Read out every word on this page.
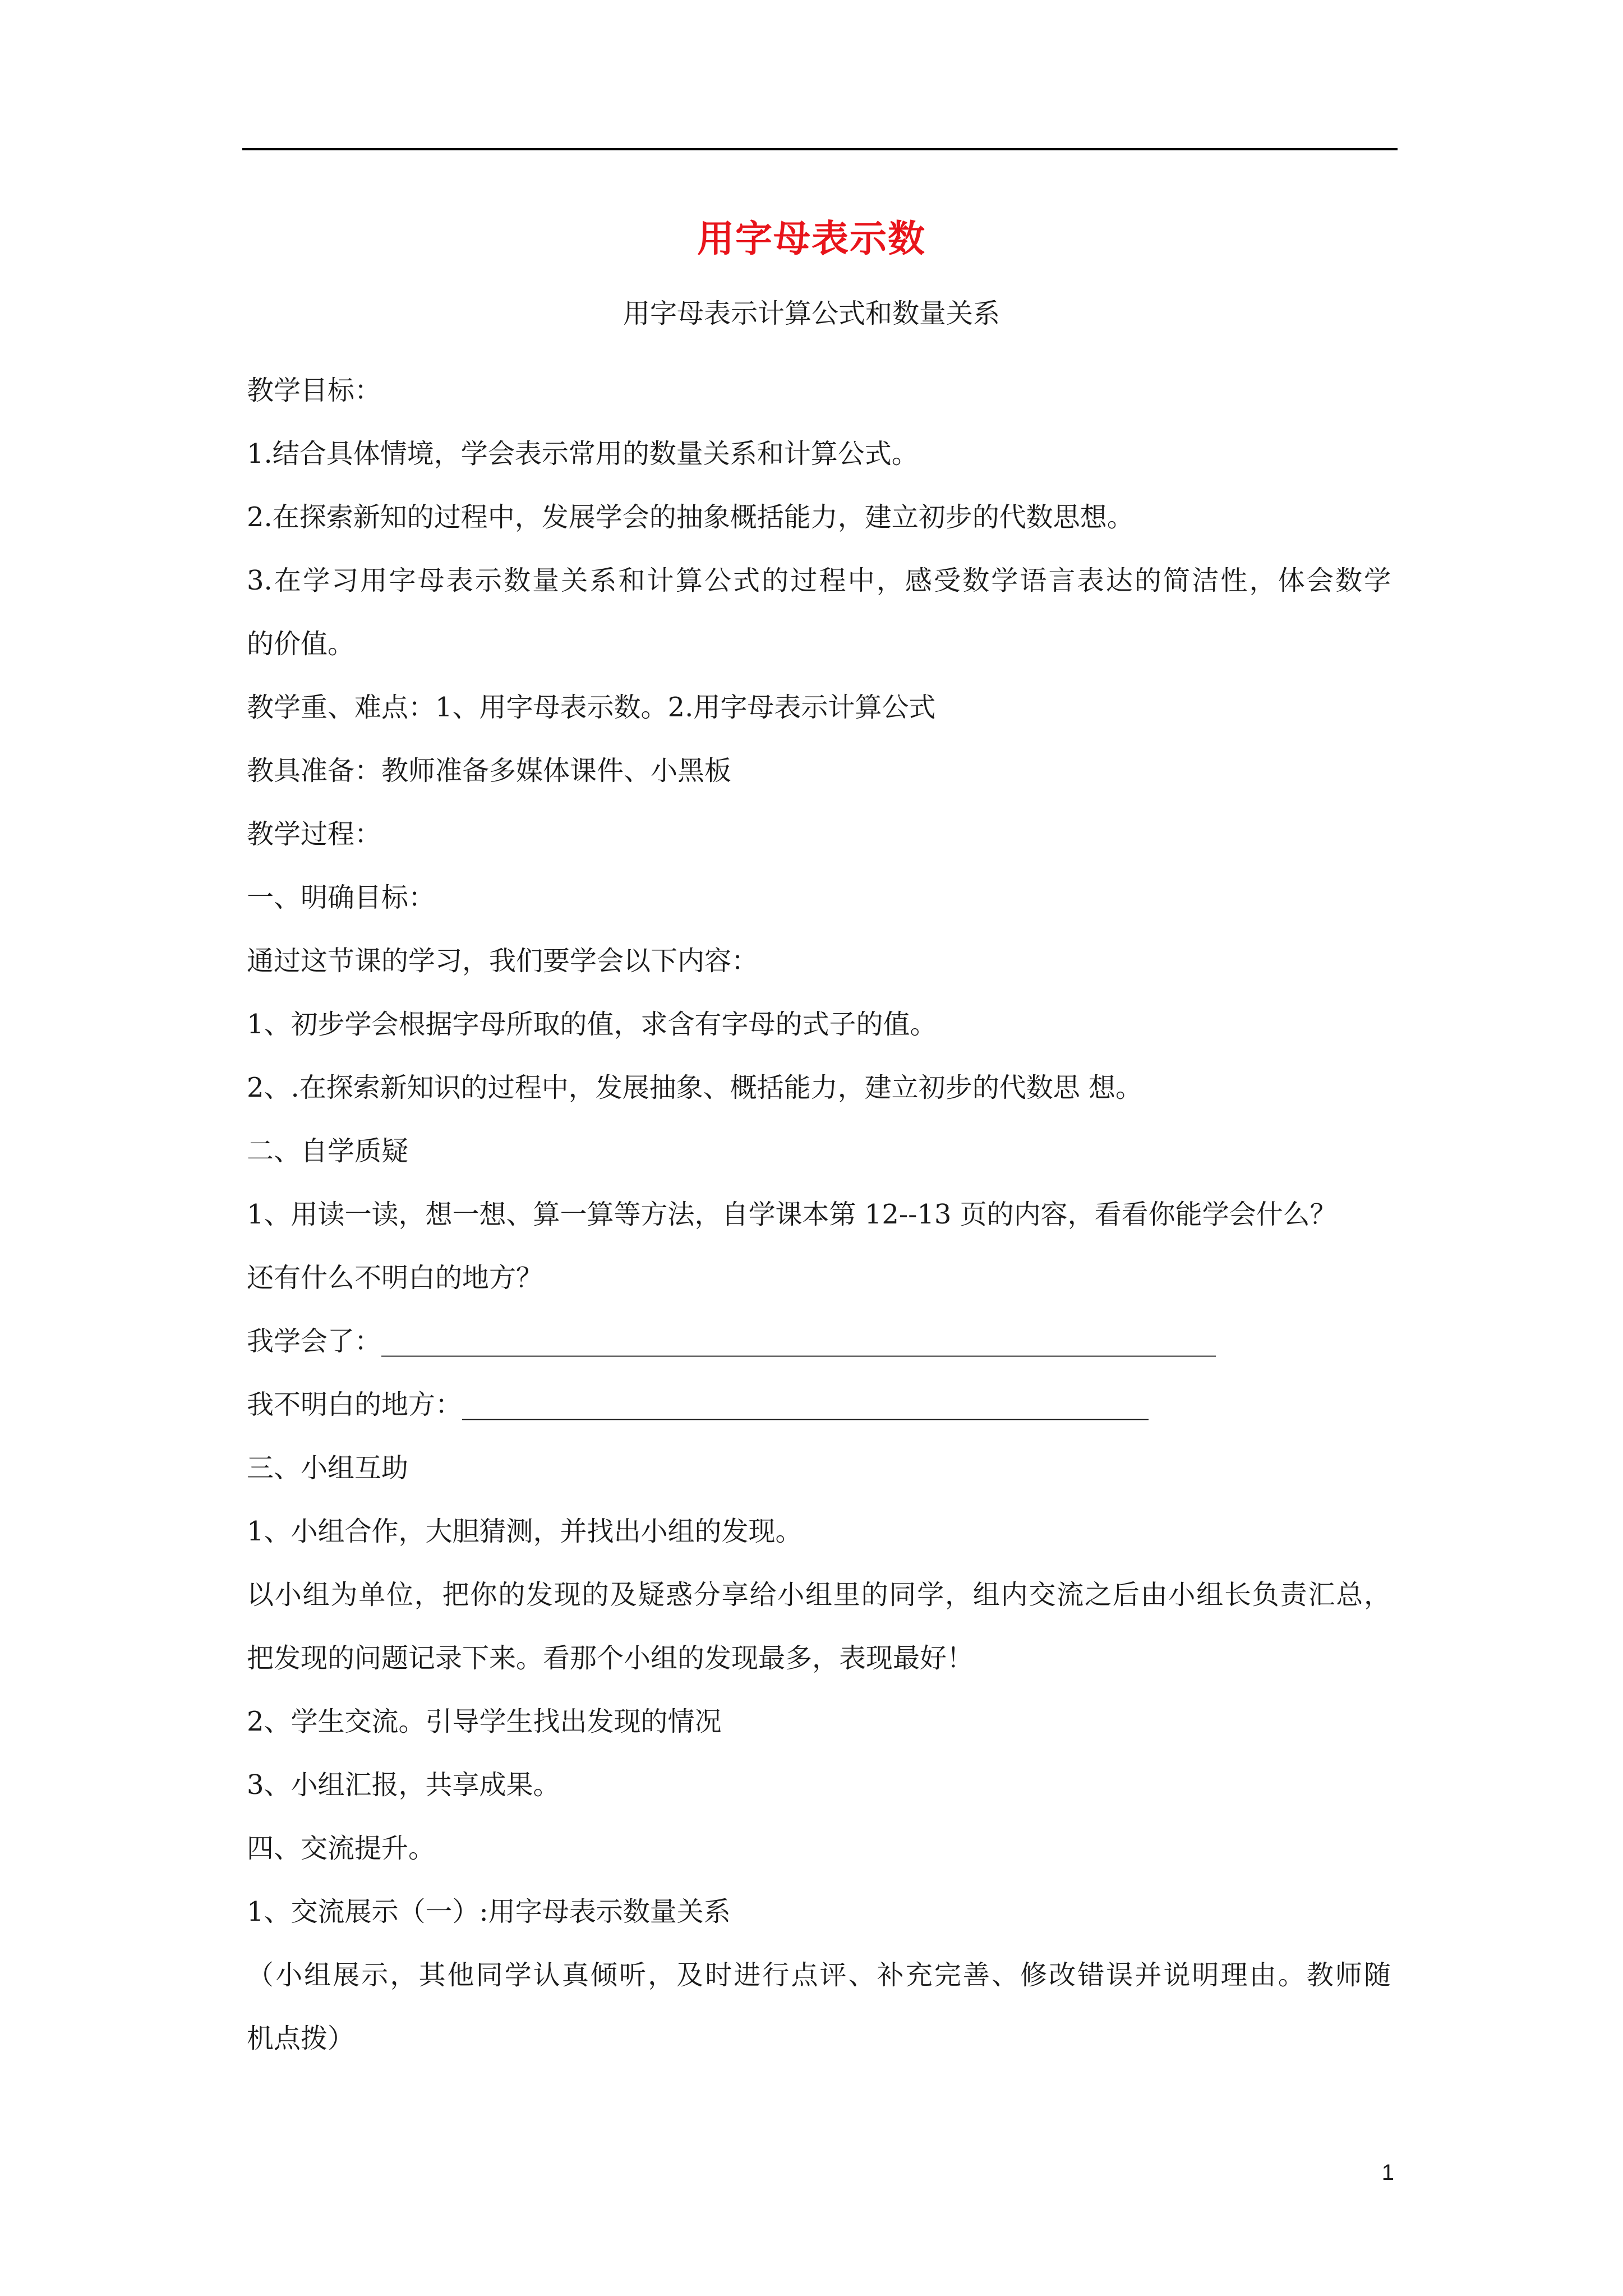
用字母表示数
用字母表示计算公式和数量关系
教学目标：
1.结合具体情境，学会表示常用的数量关系和计算公式。
2.在探索新知的过程中，发展学会的抽象概括能力，建立初步的代数思想。
3.在学习用字母表示数量关系和计算公式的过程中，感受数学语言表达的简洁性，体会数学
的价值。
教学重、难点：1、用字母表示数。2.用字母表示计算公式
教具准备：教师准备多媒体课件、小黑板
教学过程：
一、明确目标：
通过这节课的学习，我们要学会以下内容：
1、初步学会根据字母所取的值，求含有字母的式子的值。
2、.在探索新知识的过程中，发展抽象、概括能力，建立初步的代数思 想。
二、自学质疑
1、用读一读，想一想、算一算等方法，自学课本第 12--13 页的内容，看看你能学会什么？
还有什么不明白的地方？
我学会了：______________________________________________________________
我不明白的地方：___________________________________________________
三、小组互助
1、小组合作，大胆猜测，并找出小组的发现。
以小组为单位，把你的发现的及疑惑分享给小组里的同学，组内交流之后由小组长负责汇总，
把发现的问题记录下来。看那个小组的发现最多，表现最好！
2、学生交流。引导学生找出发现的情况
3、小组汇报，共享成果。
四、交流提升。
1、交流展示（一）:用字母表示数量关系
（小组展示，其他同学认真倾听，及时进行点评、补充完善、修改错误并说明理由。教师随
机点拨）
1
